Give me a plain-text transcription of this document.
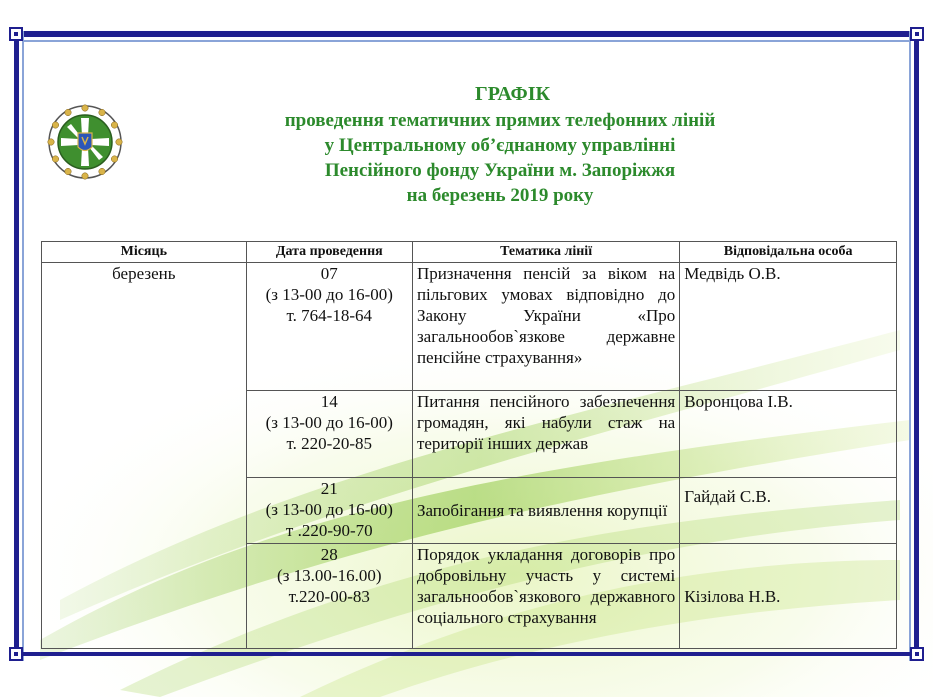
ГРАФІК
проведення тематичних прямих телефонних ліній
у Центральному об’єднаному управлінні
Пенсійного фонду України м. Запоріжжя
на березень 2019 року
Місяць	Дата проведення	Тематика лінії	Відповідальна особа
березень	07
(з 13-00 до 16-00)
т. 764-18-64	Призначення пенсій за віком на пільгових умовах відповідно до Закону України «Про загальнообов`язкове державне пенсійне страхування»	Медвідь О.В.

	14
(з 13-00 до 16-00)
т. 220-20-85	Питання пенсійного забезпечення громадян, які набули стаж на території інших держав	Воронцова І.В.

	21
(з 13-00 до 16-00)
т .220-90-70	Запобігання та виявлення корупції	Гайдай С.В.

	28
(з 13.00-16.00)
т.220-00-83	Порядок укладання договорів про добровільну участь у системі загальнообов`язкового державного соціального страхування	Кізілова Н.В.
